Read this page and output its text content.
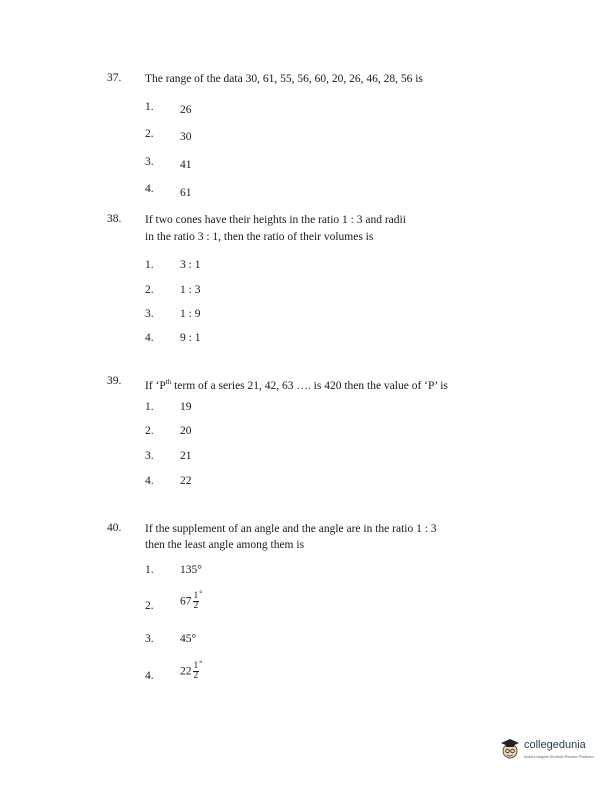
37. The range of the data 30, 61, 55, 56, 60, 20, 26, 46, 28, 56 is
1. 26
2. 30
3. 41
4. 61
38. If two cones have their heights in the ratio 1 : 3 and radii
in the ratio 3 : 1, then the ratio of their volumes is
1. 3 : 1
2. 1 : 3
3. 1 : 9
4. 9 : 1
39. If ‘$P^{th}$ term of a series 21, 42, 63 …. is 420 then the value of ‘P’ is
1. 19
2. 20
3. 21
4. 22
40. If the supplement of an angle and the angle are in the ratio 1 : 3
then the least angle among them is
1. 135°
2. $67 \frac{1}{2} ^\circ$
3. 45°
4. $22 \frac{1}{2} ^\circ$
collegedunia
India's largest Student Review Platform
